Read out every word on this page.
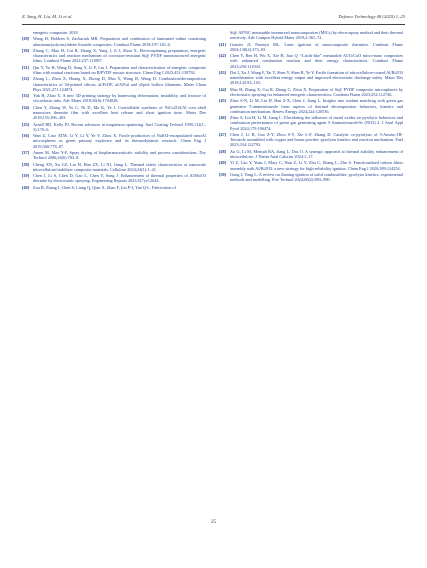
Z. Yang, H. Liu, M. Li et al.	Defence Technology 48 (2025) 1–25
energetic composite. 2018.
[29] Wang H, Holdren S, Zachariah MR. Preparation and combustion of laminated iodine containing aluminum/polyvinylidene fluoride composites. Combust Flame 2018;197:120–6.
[30] Zhang C, Mao H, Cui R, Zhang X, Yang J, Ji J, Zhou X. Electrospinning preparation, energetic characteristics and reaction mechanism of corrosion-resistant Si@ PVDF nanostructured energetic films. Combust Flame 2022;237:111887.
[31] Qin Y, Yu H, Wang D, Song Y, Li F, Liu J. Preparation and characterization of energetic composite films with mutual reactions based on B/PVDF mosaic structure. Chem Eng J 2023;451:138792.
[32] Zhong L, Zhou X, Huang X, Zhong D, Mao Y, Wang R, Wang D. Combustion/decomposition characteristics of 3d-printed silicon, al/PvDF, al/AP/al and al/ptfe hollow filaments. Mater Chem Phys 2021;271:124874.
[33] Yuk H, Zhao X. A new 3D printing strategy by harnessing deformation, instability, and fracture of viscoelastic inks. Adv Mater 2018;30(6):1704028.
[34] Chen Y, Zhang W, Yu C, Ni D, Ma K, Ye J. Controllable synthesis of NiCo2O4/Al core–shell nanowires thermite film with excellent heat release and short ignition time. Mater Des 2018;155:396–403.
[35] Arnell RD, Kelly PJ. Recent advances in magnetron sputtering. Surf Coating Technol 1999;112(1–3):170–6.
[36] Wan Z, Cruz ATM, Li Y, Li Y, Ye Y, Zhou X. Facile production of NaIO4-encapsulated nanoAl microspheres as green primary explosive and its thermodynamic research. Chem Eng J 2019;360:778–87.
[37] Amen M, Mao Y-F. Spray drying of biopharmaceuticals: stability and process considerations. Dry Technol 2006;24(6):763–8.
[38] Cheng XN, Xu GZ, Liu H, Han ZX, Li NJ, Jiang L. Thermal safety characteristics of nanoscale nitrocellulose/stabilizer composite materials. Cellulose 2024;24(1):1–21.
[39] Chen J, Li S, Chen D, Gao L, Chen Y, Song J. Enhancement of thermal properties of Al/MoO3 thermite by electrostatic spraying. Engineering Reports 2023;5(7):e12644.
[40] Zuo B, Zhang J, Chen S, Liang Q, Qian X, Zhao F, Liu P-J, Yan Q-L. Fabrication of
Si@ AP/NC metastable intermixed nanocomposites (MICs) by electrospray method and their thermal reactivity. Adv Compos Hybrid Mater 2019;2:361–72.
[41] Granier JJ, Pantoya ML. Laser ignition of nanocomposite thermites. Combust Flame 2004;138(4):373–83.
[42] Chen Y, Ren H, Wu X, Xie H, Jiao Q. “Litchi-like” metastable Al/Ti/CuO micro-nano composites with enhanced combustion reaction and their energy characteristics. Combust Flame 2023;250:112943.
[43] Dai J, Xu J, Wang F, Tai Y, Shen Y, Shen R, Ye Y. Facile formation of nitrocellulose-coated Al/Bi2O3 nanothermites with excellent energy output and improved electrostatic discharge safety. Mater Des 2018;143:93–103.
[44] Mao H, Zhang X, Cui R, Zhang C, Zhou X. Preparation of Si@ PVDF composite microspheres by electrostatic spraying for enhanced energetic characteristics. Combust Flame 2023;252:112746.
[45] Zhao S-N, Li M, Liu H, Han Z-X, Chen J, Jiang L. Insights into oxidant matching with green gas generator 5-aminotetrazole from aspects of thermal decomposition behaviors, kinetics and combustion mechanism. Renew Energy 2024;224:120536.
[46] Zhao S, Liu H, Li M, Jiang L. Elucidating the influence of metal oxides on pyrolytic behaviors and combustion performance of green gas generating agent 5-Aminotetrazole/Sr (NO3) 2. J Anal Appl Pyrol 2024;179:106474.
[47] Chen J, Li B, Guo Z-Y, Zhou S-Y, Xie L-F, Zhang D. Catalytic co-pyrolysis of 5-Amino-1H-Tetrazole assembled with copper and boron powder: pyrolysis kinetics and reaction mechanism. Fuel 2023;334:122793.
[48] Xu G, Li M, Mensah RA, Jiang L, Das O. A synergic approach to thermal stability enhancement of nitrocellulose. J Therm Anal Calorim 2024:1–17.
[49] Yi Z, Cao Y, Yuan J, Mary C, Wan Z, Li Y, Zhu C, Zhang L, Zhu S. Functionalized carbon fibers assembly with Al/Bi2O3: a new strategy for high-reliability ignition. Chem Eng J 2020;389:124254.
[50] Gong J, Yang L. A review on flaming ignition of solid combustibles: pyrolysis kinetics, experimental methods and modelling. Fire Technol 2024;60(2):893–990.
25
